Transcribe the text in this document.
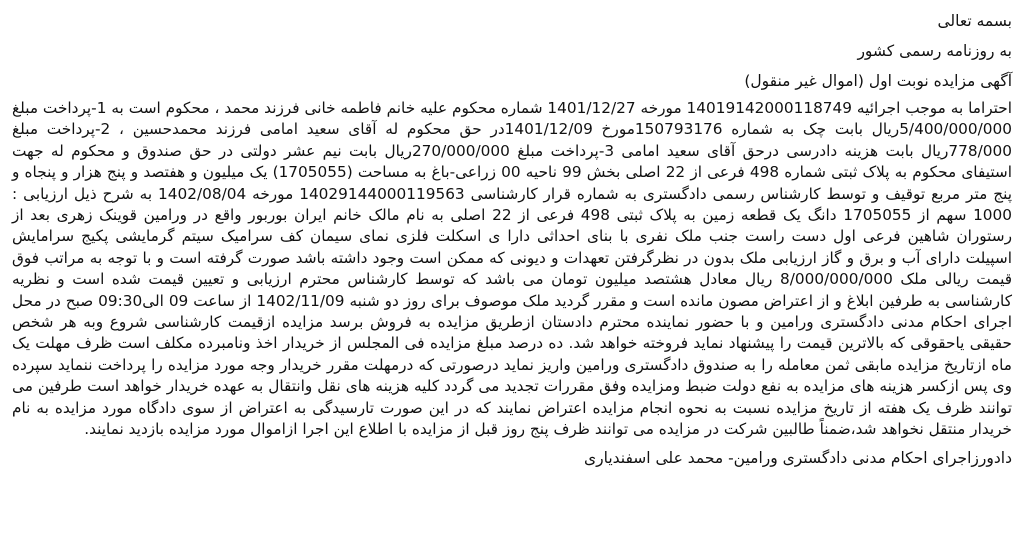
بسمه تعالی
به روزنامه رسمی کشور
آگهی مزایده نوبت اول (اموال غیر منقول)
احتراما به موجب اجرائیه 14019142000118749 مورخه 1401/12/27 شماره محکوم علیه خانم فاطمه خانی فرزند محمد ، محکوم است به 1-پرداخت مبلغ 5/400/000/000ریال بابت چک به شماره 150793176مورخ 1401/12/09در حق محکوم له آقای سعید امامی فرزند محمدحسین ، 2-پرداخت مبلغ 778/000ریال بابت هزینه دادرسی درحق آقای سعید امامی 3-پرداخت مبلغ 270/000/000ریال بابت نیم عشر دولتی در حق صندوق و محکوم له جهت استیفای محکوم به پلاک ثبتی شماره 498 فرعی از 22 اصلی بخش 99 ناحیه 00 زراعی-باغ به مساحت (1705055) یک میلیون و هفتصد و پنج هزار و پنجاه و پنج متر مربع توقیف و توسط کارشناس رسمی دادگستری به شماره قرار کارشناسی 14029144000119563 مورخه 1402/08/04 به شرح ذیل ارزیابی : 1000 سهم از 1705055 دانگ یک قطعه زمین به پلاک ثبتی 498 فرعی از 22 اصلی به نام مالک خانم ایران بوربور واقع در ورامین قوینک زهری بعد از رستوران شاهین فرعی اول دست راست جنب ملک نفری با بنای احداثی دارا ی اسکلت فلزی نمای سیمان کف سرامیک سیتم گرمایشی پکیج سرامایش اسپیلت دارای آب و برق و گاز ارزیابی ملک بدون در نظرگرفتن تعهدات و دیونی که ممکن است وجود داشته باشد صورت گرفته است و با توجه به مراتب فوق قیمت ریالی ملک 8/000/000/000 ریال معادل هشتصد میلیون تومان می باشد که توسط کارشناس محترم ارزیابی و تعیین قیمت شده است و نظریه کارشناسی به طرفین ابلاغ و از اعتراض مصون مانده است و مقرر گردید ملک موصوف برای روز دو شنبه 1402/11/09 از ساعت 09 الی09:30 صبح در محل اجرای احکام مدنی دادگستری ورامین و با حضور نماینده محترم دادستان ازطریق مزایده به فروش برسد مزایده ازقیمت کارشناسی شروع وبه هر شخص حقیقی یاحقوقی که بالاترین قیمت را پیشنهاد نماید فروخته خواهد شد. ده درصد مبلغ مزایده فی المجلس از خریدار اخذ ونامبرده مکلف است ظرف مهلت یک ماه ازتاریخ مزایده مابقی ثمن معامله را به صندوق دادگستری ورامین واریز نماید درصورتی که درمهلت مقرر خریدار وجه مورد مزایده را پرداخت ننماید سپرده وی پس ازکسر هزینه های مزایده به نفع دولت ضبط ومزایده وفق مقررات تجدید می گردد کلیه هزینه های نقل وانتقال به عهده خریدار خواهد است طرفین می توانند ظرف یک هفته از تاریخ مزایده نسبت به نحوه انجام مزایده اعتراض نمایند که در این صورت تارسیدگی به اعتراض از سوی دادگاه مورد مزایده به نام خریدار منتقل نخواهد شد،ضمناً طالبین شرکت در مزایده می توانند ظرف پنج روز قبل از مزایده با اطلاع این اجرا ازاموال مورد مزایده بازدید نمایند.
دادورزاجرای احکام مدنی دادگستری ورامین- محمد علی اسفندیاری
